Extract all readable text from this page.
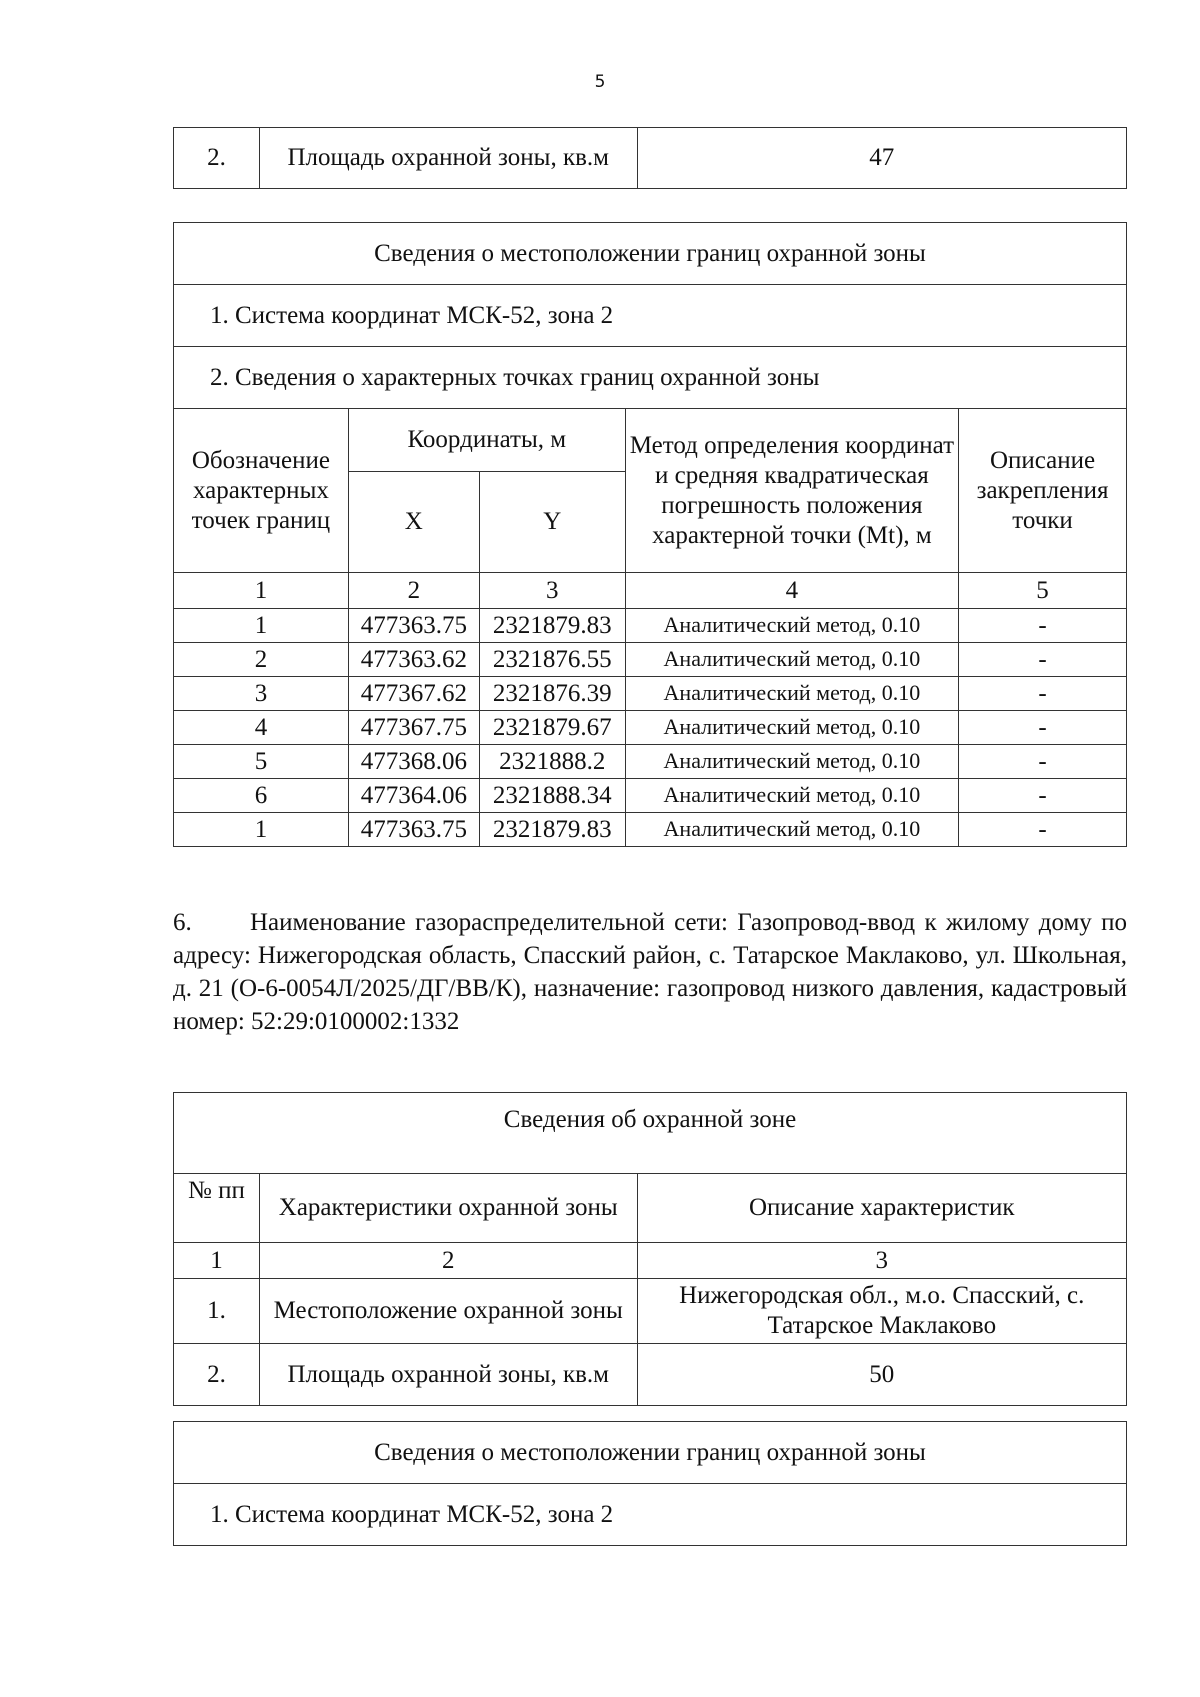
5
2.	Площадь охранной зоны, кв.м	47
Сведения о местоположении границ охранной зоны				
1. Система координат МСК-52, зона 2				
2. Сведения о характерных точках границ охранной зоны				
Обозначение характерных точек границ	Координаты, м		Метод определения координат и средняя квадратическая погрешность положения характерной точки (Mt), м	Описание закрепления точки
	X	Y		
1	2	3	4	5
1	477363.75	2321879.83	Аналитический метод, 0.10	-
2	477363.62	2321876.55	Аналитический метод, 0.10	-
3	477367.62	2321876.39	Аналитический метод, 0.10	-
4	477367.75	2321879.67	Аналитический метод, 0.10	-
5	477368.06	2321888.2	Аналитический метод, 0.10	-
6	477364.06	2321888.34	Аналитический метод, 0.10	-
1	477363.75	2321879.83	Аналитический метод, 0.10	-
6. Наименование газораспределительной сети: Газопровод-ввод к жилому дому по адресу: Нижегородская область, Спасский район, с. Татарское Маклаково, ул. Школьная, д. 21 (О-6-0054Л/2025/ДГ/ВВ/К), назначение: газопровод низкого давления, кадастровый номер: 52:29:0100002:1332
Сведения об охранной зоне		
№ пп	Характеристики охранной зоны	Описание характеристик
1	2	3
1.	Местоположение охранной зоны	Нижегородская обл., м.о. Спасский, с. Татарское Маклаково
2.	Площадь охранной зоны, кв.м	50
Сведения о местоположении границ охранной зоны
1. Система координат МСК-52, зона 2
